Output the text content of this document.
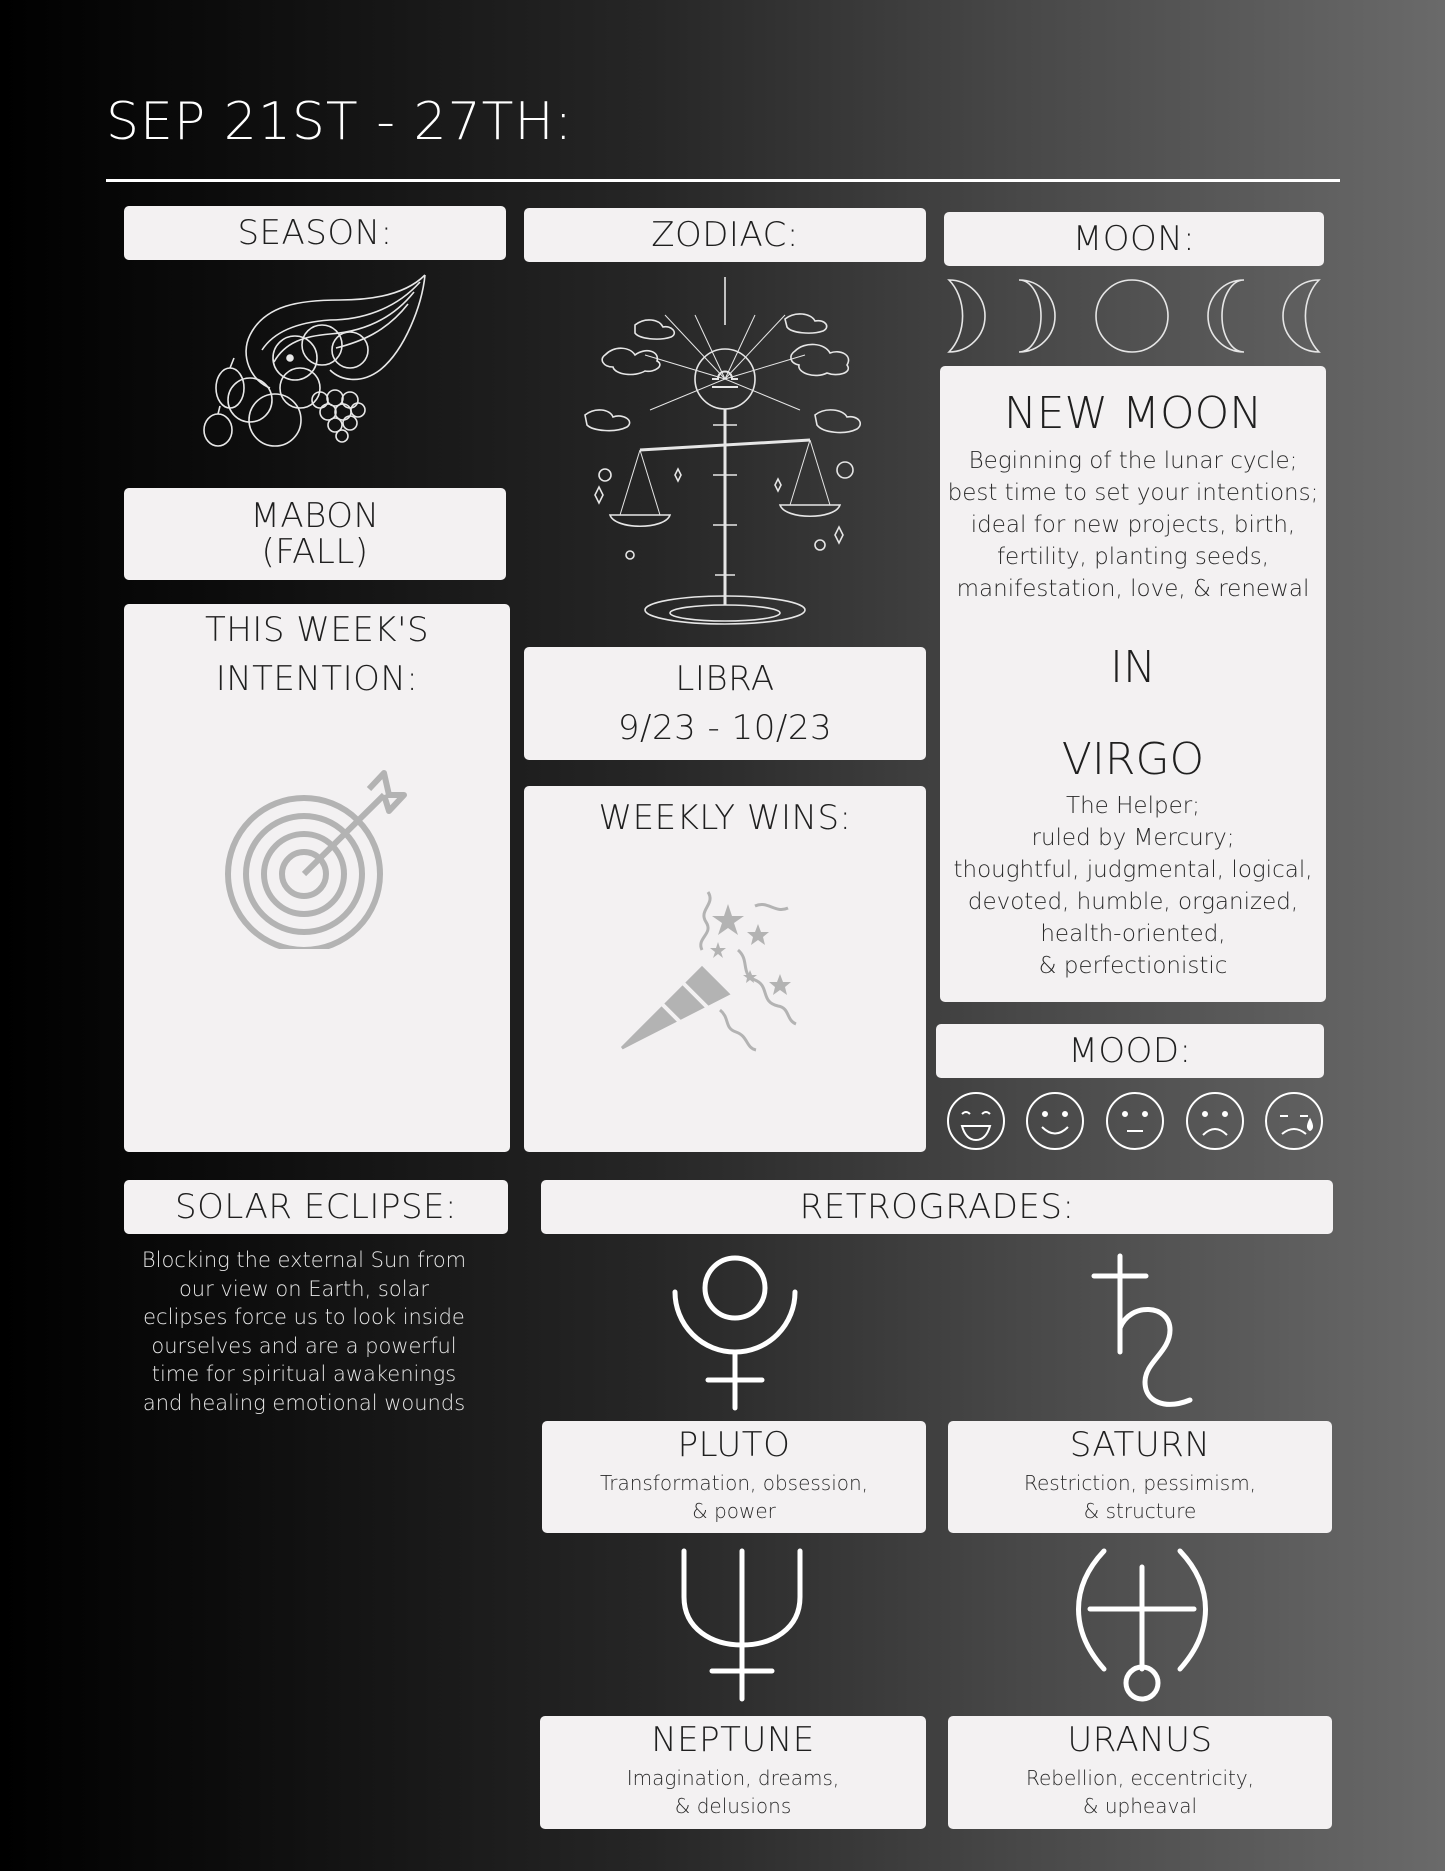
SEP 21ST - 27TH:
SEASON:
MABON
(FALL)
THIS WEEK'S
INTENTION:
ZODIAC:
LIBRA
9/23 - 10/23
WEEKLY WINS:
MOON:
NEW MOON
Beginning of the lunar cycle;
best time to set your intentions;
ideal for new projects, birth,
fertility, planting seeds,
manifestation, love, & renewal
IN
VIRGO
The Helper;
ruled by Mercury;
thoughtful, judgmental, logical,
devoted, humble, organized,
health-oriented,
& perfectionistic
MOOD:
SOLAR ECLIPSE:
Blocking the external Sun from
our view on Earth, solar
eclipses force us to look inside
ourselves and are a powerful
time for spiritual awakenings
and healing emotional wounds
RETROGRADES:
PLUTO
Transformation, obsession,
& power
SATURN
Restriction, pessimism,
& structure
NEPTUNE
Imagination, dreams,
& delusions
URANUS
Rebellion, eccentricity,
& upheaval
